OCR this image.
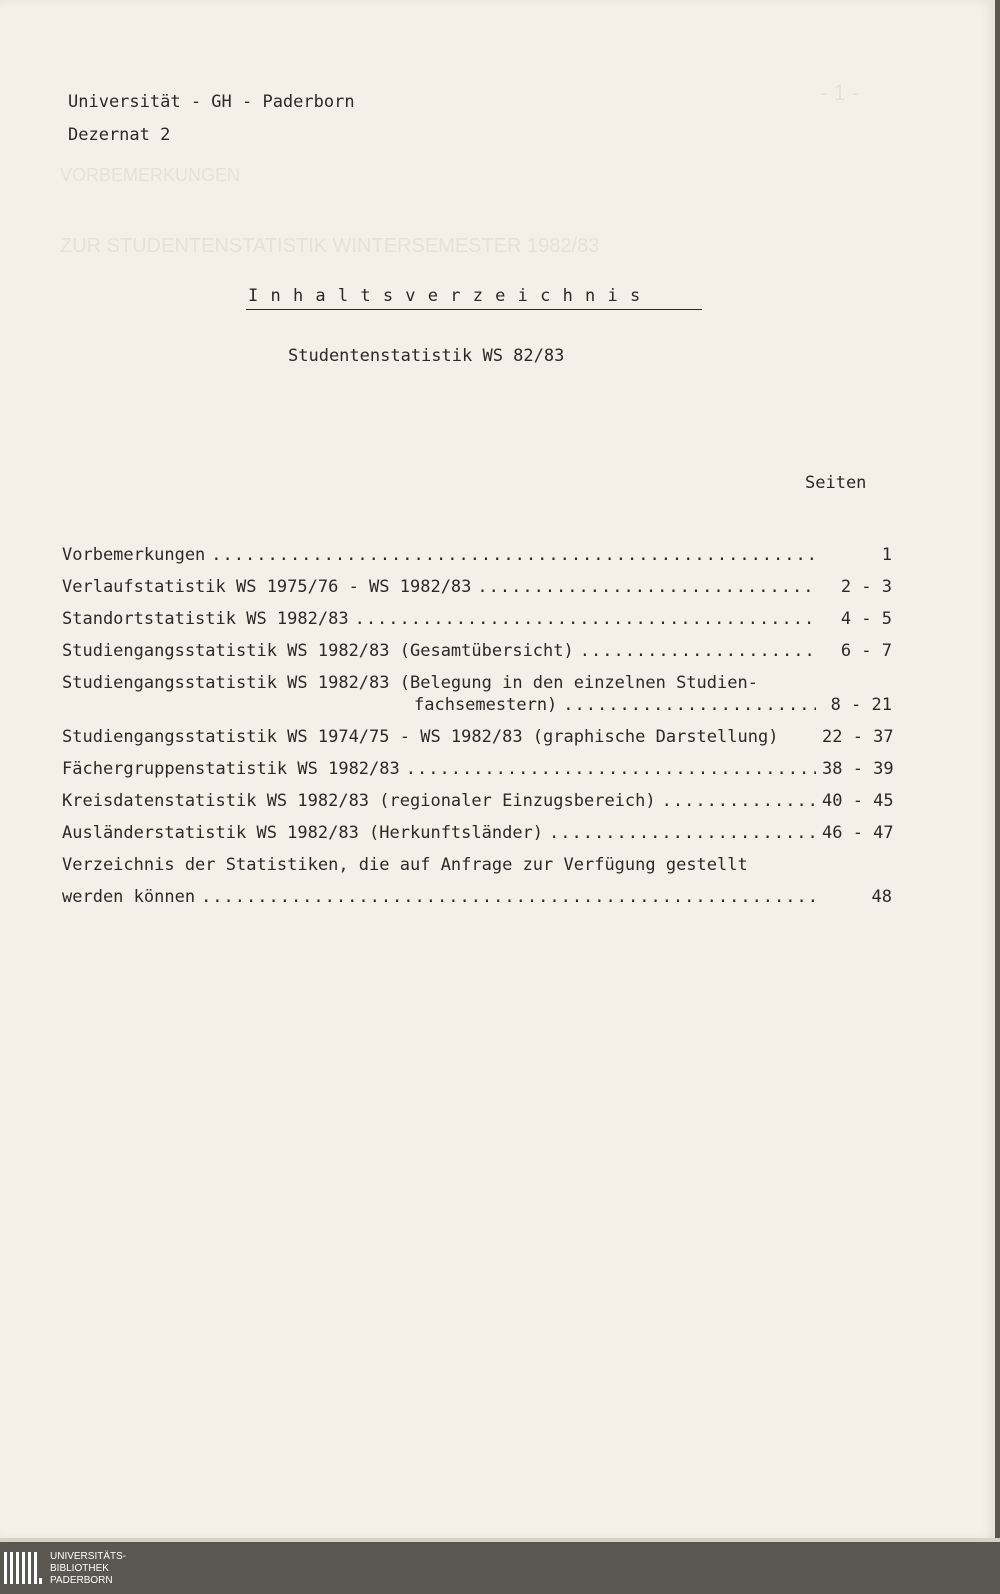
VORBEMERKUNGEN
ZUR STUDENTENSTATISTIK WINTERSEMESTER 1982/83
- 1 -
Universität - GH - Paderborn
Dezernat 2
I n h a l t s v e r z e i c h n i s
Studentenstatistik WS 82/83
Seiten
Vorbemerkungen .....	1
Verlaufstatistik WS 1975/76 - WS 1982/83 .....	2 - 3
Standortstatistik WS 1982/83 .....	4 - 5
Studiengangsstatistik WS 1982/83 (Gesamtübersicht) .....	6 - 7
Studiengangsstatistik WS 1982/83 (Belegung in den einzelnen Studien-
fachsemestern) .....	8 - 21
Studiengangsstatistik WS 1974/75 - WS 1982/83 (graphische Darstellung)	22 - 37
Fächergruppenstatistik WS 1982/83 .....	38 - 39
Kreisdatenstatistik WS 1982/83 (regionaler Einzugsbereich) .....	40 - 45
Ausländerstatistik WS 1982/83 (Herkunftsländer) .....	46 - 47
Verzeichnis der Statistiken, die auf Anfrage zur Verfügung gestellt
werden können .....	48
UNIVERSITÄTS-
BIBLIOTHEK
PADERBORN
